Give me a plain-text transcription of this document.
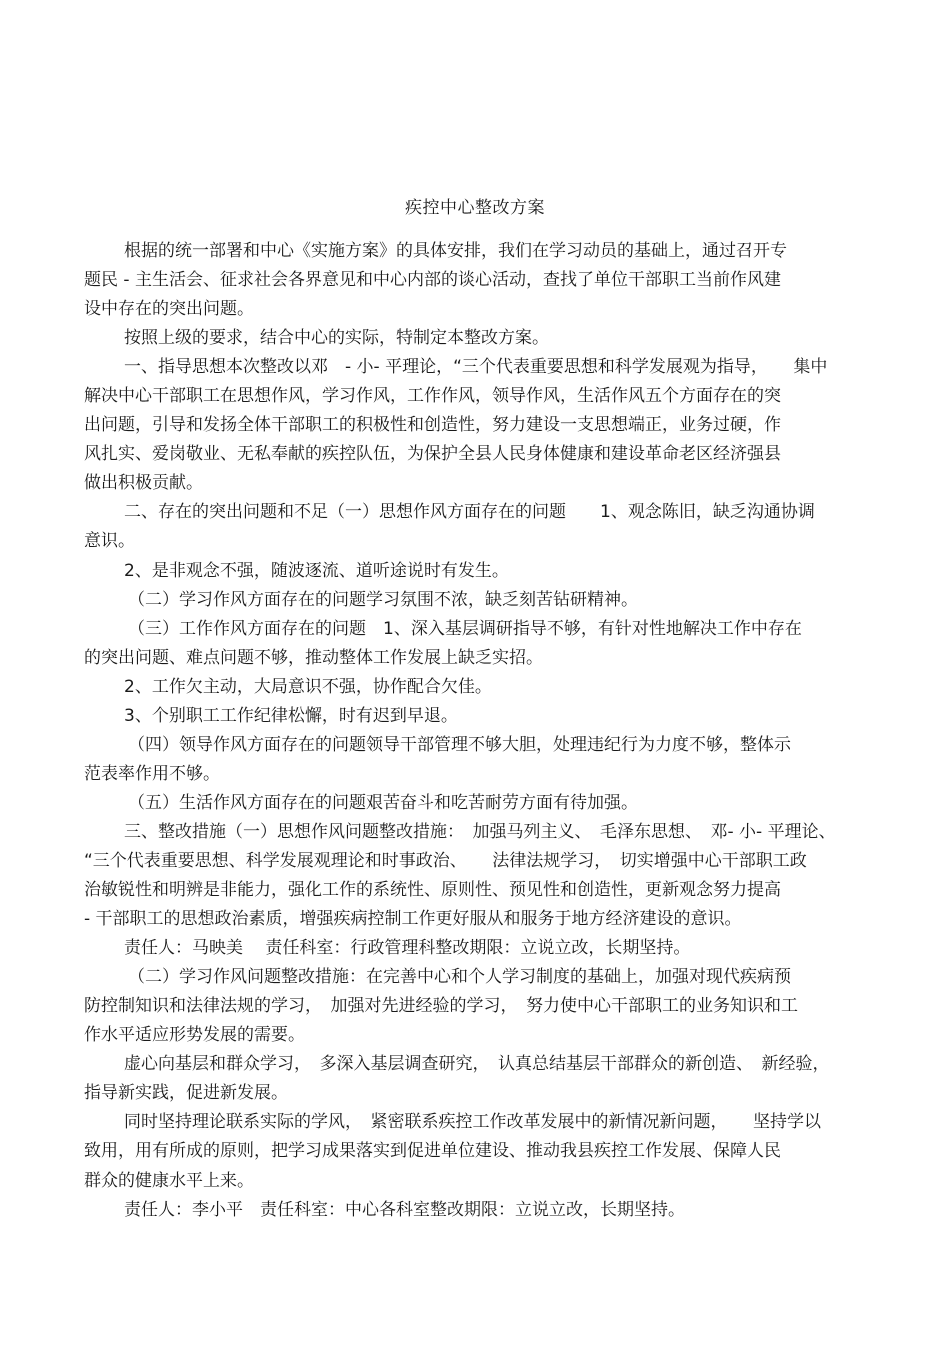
疾控中心整改方案
根据的统一部署和中心《实施方案》的具体安排，我们在学习动员的基础上，通过召开专
题民 - 主生活会、征求社会各界意见和中心内部的谈心活动，查找了单位干部职工当前作风建
设中存在的突出问题。
按照上级的要求，结合中心的实际，特制定本整改方案。
一、指导思想本次整改以邓　- 小- 平理论，“三个代表重要思想和科学发展观为指导，　　集中
解决中心干部职工在思想作风，学习作风，工作作风，领导作风，生活作风五个方面存在的突
出问题，引导和发扬全体干部职工的积极性和创造性，努力建设一支思想端正，业务过硬，作
风扎实、爱岗敬业、无私奉献的疾控队伍，为保护全县人民身体健康和建设革命老区经济强县
做出积极贡献。
二、存在的突出问题和不足（一）思想作风方面存在的问题　　1、观念陈旧，缺乏沟通协调
意识。
2、是非观念不强，随波逐流、道听途说时有发生。
（二）学习作风方面存在的问题学习氛围不浓，缺乏刻苦钻研精神。
（三）工作作风方面存在的问题　1、深入基层调研指导不够，有针对性地解决工作中存在
的突出问题、难点问题不够，推动整体工作发展上缺乏实招。
2、工作欠主动，大局意识不强，协作配合欠佳。
3、个别职工工作纪律松懈，时有迟到早退。
（四）领导作风方面存在的问题领导干部管理不够大胆，处理违纪行为力度不够，整体示
范表率作用不够。
（五）生活作风方面存在的问题艰苦奋斗和吃苦耐劳方面有待加强。
三、整改措施（一）思想作风问题整改措施：　加强马列主义、　毛泽东思想、　邓- 小- 平理论、
“三个代表重要思想、科学发展观理论和时事政治、　　法律法规学习，　切实增强中心干部职工政
治敏锐性和明辨是非能力，强化工作的系统性、原则性、预见性和创造性，更新观念努力提高
- 干部职工的思想政治素质，增强疾病控制工作更好服从和服务于地方经济建设的意识。
责任人：马映美　 责任科室：行政管理科整改期限：立说立改，长期坚持。
（二）学习作风问题整改措施：在完善中心和个人学习制度的基础上，加强对现代疾病预
防控制知识和法律法规的学习，　加强对先进经验的学习，　努力使中心干部职工的业务知识和工
作水平适应形势发展的需要。
虚心向基层和群众学习，　多深入基层调查研究，　认真总结基层干部群众的新创造、　新经验，
指导新实践，促进新发展。
同时坚持理论联系实际的学风，　紧密联系疾控工作改革发展中的新情况新问题，　　坚持学以
致用，用有所成的原则，把学习成果落实到促进单位建设、推动我县疾控工作发展、保障人民
群众的健康水平上来。
责任人：李小平　责任科室：中心各科室整改期限：立说立改，长期坚持。
